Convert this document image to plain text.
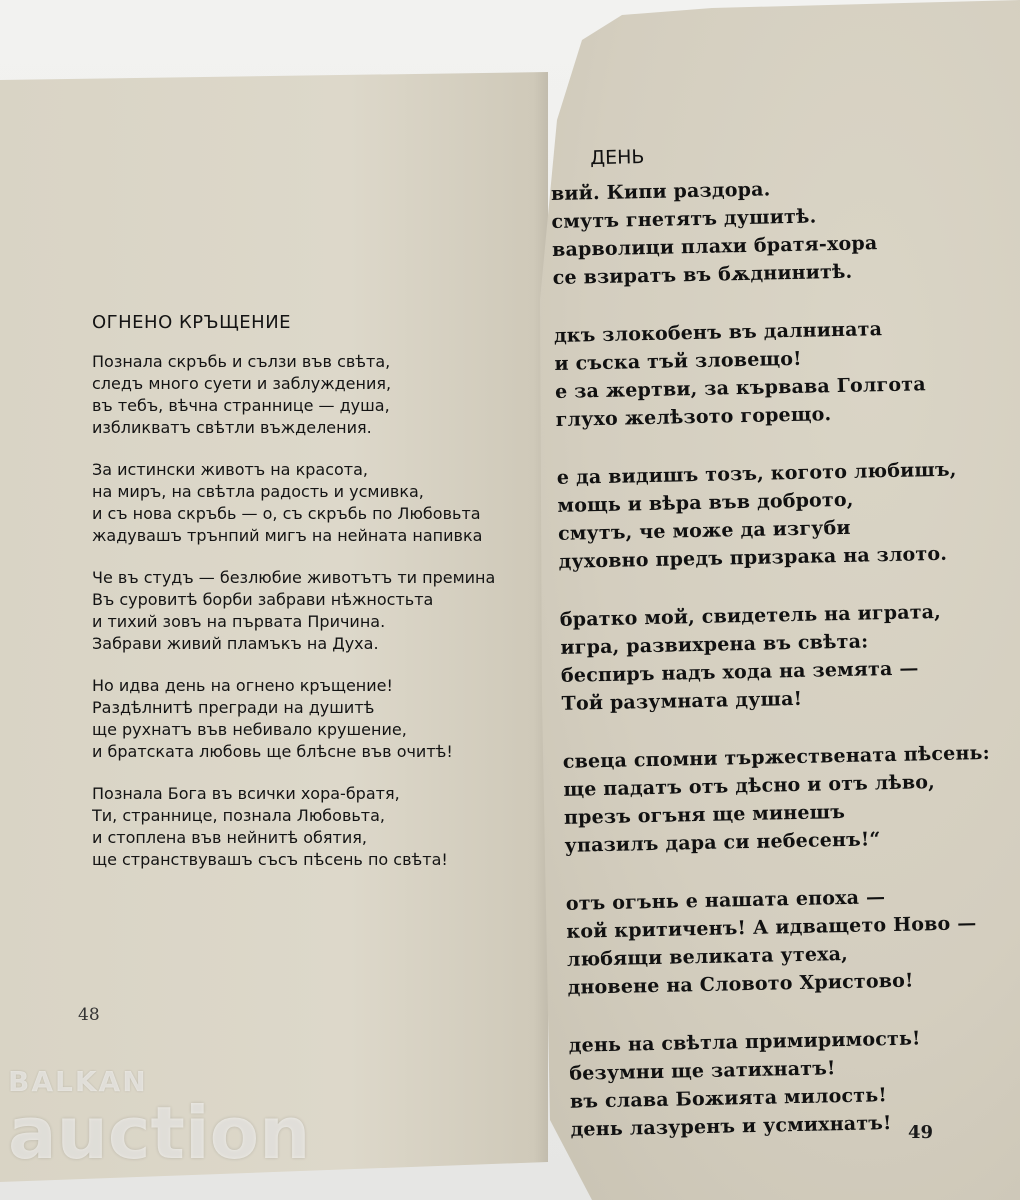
ОГНЕНО КРЪЩЕНИЕ
Познала скръбь и сълзи във свѣта,
следъ много суети и заблуждения,
въ тебъ, вѣчна страннице — душа,
избликватъ свѣтли въжделения.
За истински животъ на красота,
на миръ, на свѣтла радость и усмивка,
и съ нова скръбь — о, съ скръбь по Любовьта
жадувашъ трънпий мигъ на нейната напивка
Че въ студъ — безлюбие животътъ ти премина
Въ суровитѣ борби забрави нѣжностьта
и тихий зовъ на първата Причина.
Забрави живий пламъкъ на Духа.
Но идва день на огнено кръщение!
Раздѣлнитѣ прегради на душитѣ
ще рухнатъ във небивало крушение,
и братската любовь ще блѣсне във очитѣ!
Познала Бога въ всички хора-братя,
Ти, страннице, познала Любовьта,
и стоплена във нейнитѣ обятия,
ще странствувашъ съсъ пѣсень по свѣта!
48
ДЕНЬ
вий. Кипи раздора.
смутъ гнетятъ душитѣ.
варволици плахи братя-хора
се взиратъ въ бѫднинитѣ.
дкъ злокобенъ въ далнината
и съска тъй зловещо!
е за жертви, за кървава Голгота
глухо желѣзото горещо.
е да видишъ тозъ, когото любишъ,
мощь и вѣра във доброто,
смутъ, че може да изгуби
духовно предъ призрака на злото.
братко мой, свидетель на играта,
игра, развихрена въ свѣта:
беспиръ надъ хода на земята —
Той разумната душа!
свеца спомни тържествената пѣсень:
ще падатъ отъ дѣсно и отъ лѣво,
презъ огъня ще минешъ
упазилъ дара си небесенъ!“
отъ огънь е нашата епоха —
кой критиченъ! А идващето Ново —
любящи великата утеха,
дновене на Словото Христово!
день на свѣтла примиримость!
безумни ще затихнатъ!
въ слава Божията милость!
день лазуренъ и усмихнатъ! 49
BALKAN
auction
